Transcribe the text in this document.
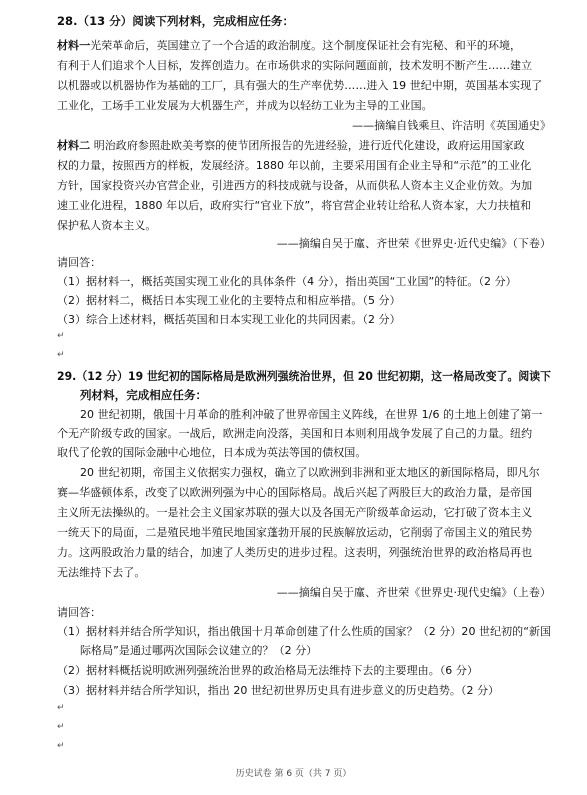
28.（13 分）阅读下列材料，完成相应任务：
材料一光荣革命后，英国建立了一个合适的政治制度。这个制度保证社会有宪秘、和平的环境，
有利于人们追求个人目标，发挥创造力。在市场供求的实际问题面前，技术发明不断产生……建立
以机器或以机器协作为基础的工厂，具有强大的生产率优势……进入 19 世纪中期，英国基本实现了
工业化，工场手工业发展为大机器生产，并成为以轻纺工业为主导的工业国。
——摘编自钱乘旦、许洁明《英国通史》
材料二 明治政府参照赴欧美考察的使节团所报告的先进经验，进行近代化建设，政府运用国家政
权的力量，按照西方的样板，发展经济。1880 年以前，主要采用国有企业主导和“示范”的工业化
方针，国家投资兴办官营企业，引进西方的科技成就与设备，从而供私人资本主义企业仿效。为加
速工业化进程，1880 年以后，政府实行“官业下放”，将官营企业转让给私人资本家，大力扶植和
保护私人资本主义。
——摘编自吴于廑、齐世荣《世界史·近代史编》（下卷）
请回答：
（1）据材料一，概括英国实现工业化的具体条件（4 分），指出英国“工业国”的特征。（2 分）
（2）据材料二，概括日本实现工业化的主要特点和相应举措。（5 分）
（3）综合上述材料，概括英国和日本实现工业化的共同因素。（2 分）
29.（12 分）19 世纪初的国际格局是欧洲列强统治世界，但 20 世纪初期，这一格局改变了。阅读下
列材料，完成相应任务：
20 世纪初期，俄国十月革命的胜利冲破了世界帝国主义阵线，在世界 1/6 的土地上创建了第一
个无产阶级专政的国家。一战后，欧洲走向没落，美国和日本则利用战争发展了自己的力量。纽约
取代了伦敦的国际金融中心地位，日本成为英法等国的债权国。
20 世纪初期，帝国主义依据实力强权，确立了以欧洲到非洲和亚太地区的新国际格局，即凡尔
赛—华盛顿体系，改变了以欧洲列强为中心的国际格局。战后兴起了两股巨大的政治力量，是帝国
主义所无法操纵的。一是社会主义国家苏联的强大以及各国无产阶级革命运动，它打破了资本主义
一统天下的局面，二是殖民地半殖民地国家蓬勃开展的民族解放运动，它削弱了帝国主义的殖民势
力。这两股政治力量的结合，加速了人类历史的进步过程。这表明，列强统治世界的政治格局再也
无法维持下去了。
——摘编自吴于廑、齐世荣《世界史·现代史编》（上卷）
请回答：
（1）据材料并结合所学知识，指出俄国十月革命创建了什么性质的国家？（2 分）20 世纪初的“新国
际格局”是通过哪两次国际会议建立的？（2 分）
（2）据材料概括说明欧洲列强统治世界的政治格局无法维持下去的主要理由。（6 分）
（3）据材料并结合所学知识，指出 20 世纪初世界历史具有进步意义的历史趋势。（2 分）
↵
↵
↵
↵
↵
历史试卷 第 6 页（共 7 页）
